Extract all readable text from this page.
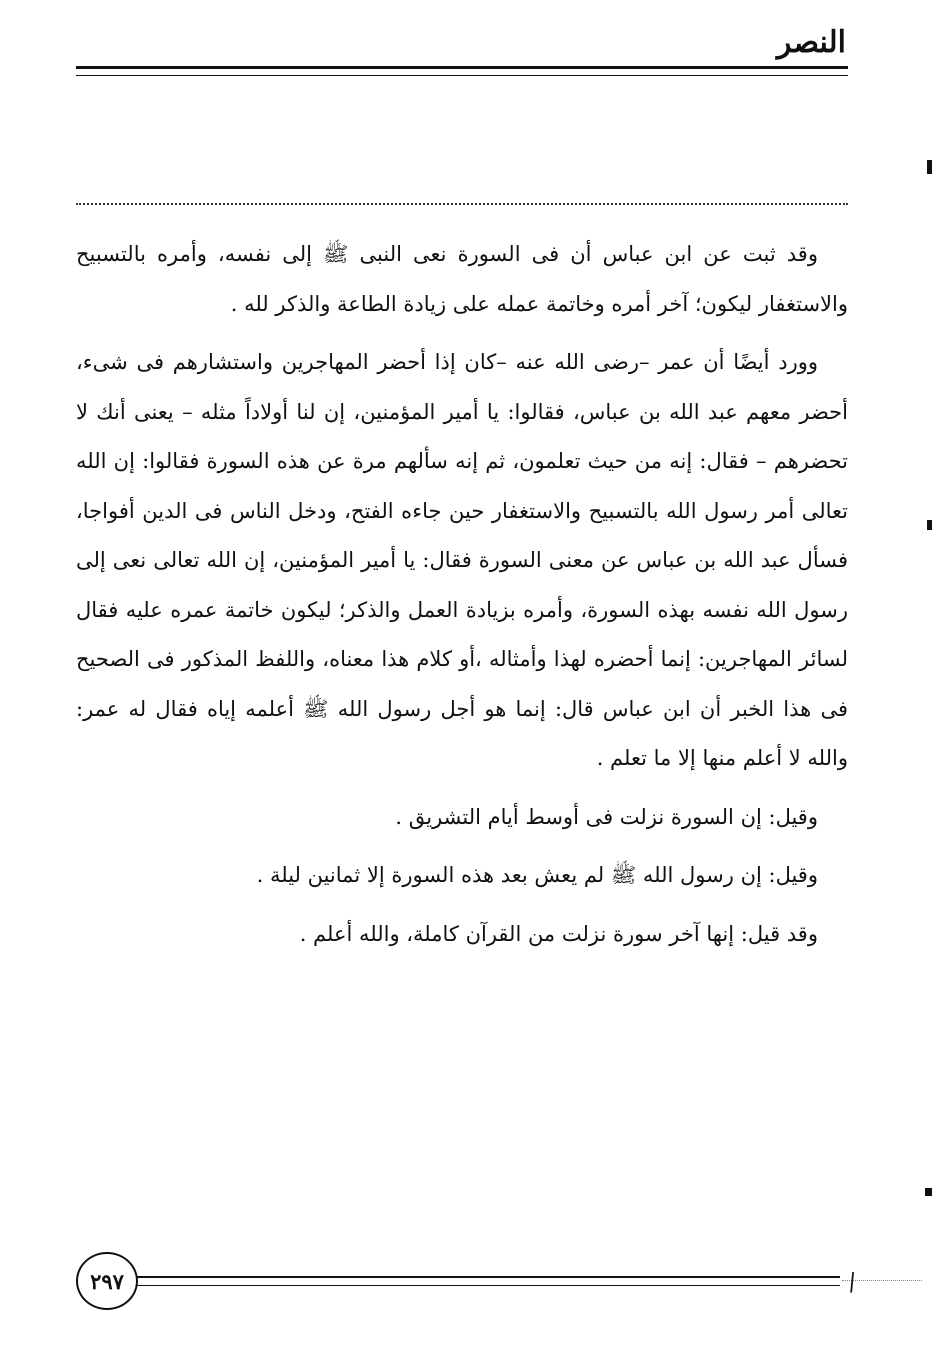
النصر

وقد ثبت عن ابن عباس أن فى السورة نعى النبى ﷺ إلى نفسه، وأمره بالتسبيح والاستغفار ليكون؛ آخر أمره وخاتمة عمله على زيادة الطاعة والذكر لله .

وورد أيضًا أن عمر –رضى الله عنه –كان إذا أحضر المهاجرين واستشارهم فى شىء، أحضر معهم عبد الله بن عباس، فقالوا: يا أمير المؤمنين، إن لنا أولاداً مثله – يعنى أنك لا تحضرهم – فقال: إنه من حيث تعلمون، ثم إنه سألهم مرة عن هذه السورة فقالوا: إن الله تعالى أمر رسول الله بالتسبيح والاستغفار حين جاءه الفتح، ودخل الناس فى الدين أفواجا، فسأل عبد الله بن عباس عن معنى السورة فقال: يا أمير المؤمنين، إن الله تعالى نعى إلى رسول الله نفسه بهذه السورة، وأمره بزيادة العمل والذكر؛ ليكون خاتمة عمره عليه فقال لسائر المهاجرين: إنما أحضره لهذا وأمثاله ،أو كلام هذا معناه، واللفظ المذكور فى الصحيح فى هذا الخبر أن ابن عباس قال: إنما هو أجل رسول الله ﷺ أعلمه إياه فقال له عمر: والله لا أعلم منها إلا ما تعلم .

وقيل: إن السورة نزلت فى أوسط أيام التشريق .

وقيل: إن رسول الله ﷺ لم يعش بعد هذه السورة إلا ثمانين ليلة .

وقد قيل: إنها آخر سورة نزلت من القرآن كاملة، والله أعلم .

/
٢٩٧
